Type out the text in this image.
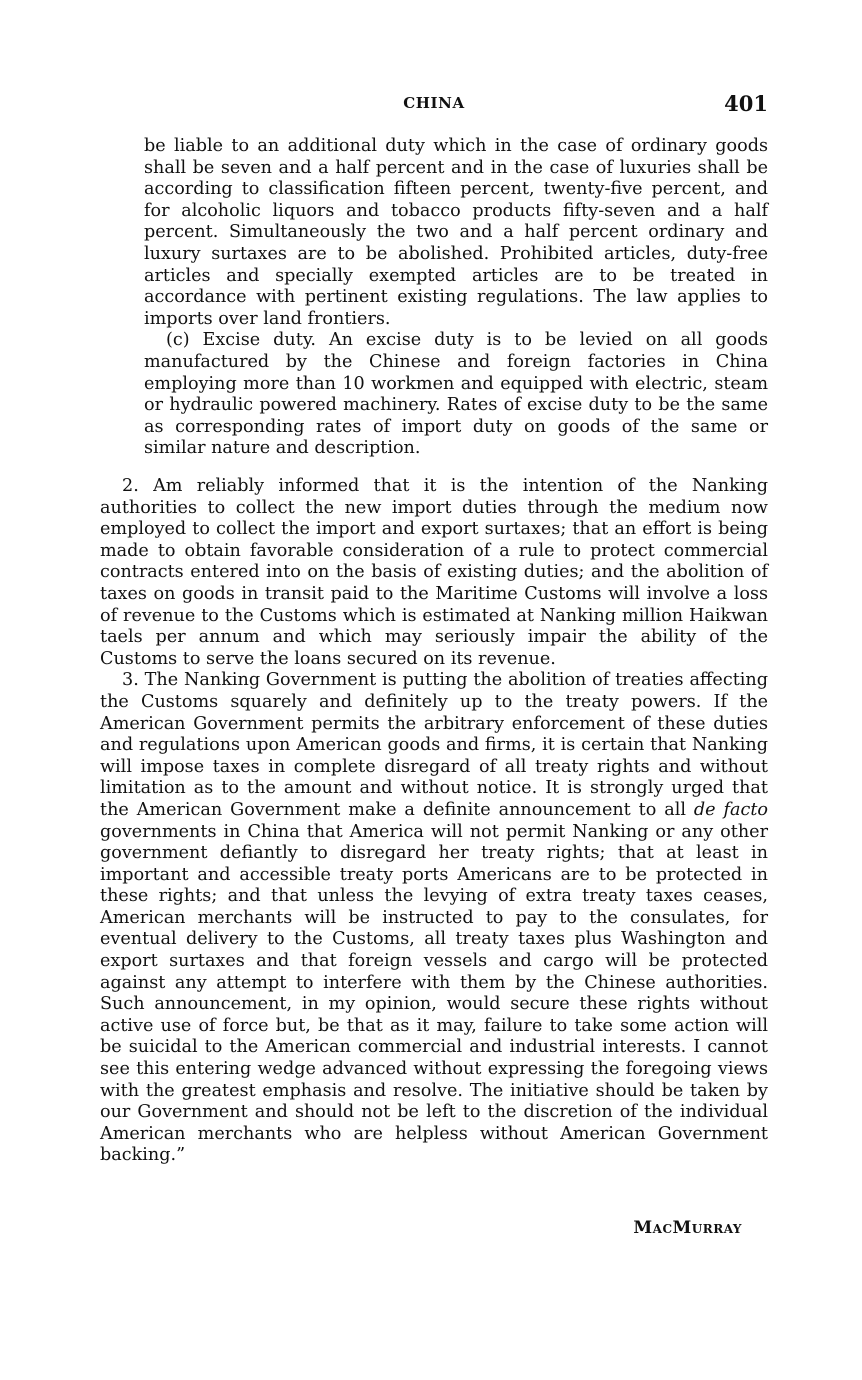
CHINA	401

be liable to an additional duty which in the case of ordinary goods shall be seven and a half percent and in the case of luxuries shall be according to classification fifteen percent, twenty-five percent, and for alcoholic liquors and tobacco products fifty-seven and a half percent. Simultaneously the two and a half percent ordinary and luxury surtaxes are to be abolished. Prohibited articles, duty-free articles and specially exempted articles are to be treated in accordance with pertinent existing regulations. The law applies to imports over land frontiers.

(c) Excise duty. An excise duty is to be levied on all goods manufactured by the Chinese and foreign factories in China employing more than 10 workmen and equipped with electric, steam or hydraulic powered machinery. Rates of excise duty to be the same as corresponding rates of import duty on goods of the same or similar nature and description.

2. Am reliably informed that it is the intention of the Nanking authorities to collect the new import duties through the medium now employed to collect the import and export surtaxes; that an effort is being made to obtain favorable consideration of a rule to protect commercial contracts entered into on the basis of existing duties; and the abolition of taxes on goods in transit paid to the Maritime Customs will involve a loss of revenue to the Customs which is estimated at Nanking million Haikwan taels per annum and which may seriously impair the ability of the Customs to serve the loans secured on its revenue.

3. The Nanking Government is putting the abolition of treaties affecting the Customs squarely and definitely up to the treaty powers. If the American Government permits the arbitrary enforcement of these duties and regulations upon American goods and firms, it is certain that Nanking will impose taxes in complete disregard of all treaty rights and without limitation as to the amount and without notice. It is strongly urged that the American Government make a definite announcement to all de facto governments in China that America will not permit Nanking or any other government defiantly to disregard her treaty rights; that at least in important and accessible treaty ports Americans are to be protected in these rights; and that unless the levying of extra treaty taxes ceases, American merchants will be instructed to pay to the consulates, for eventual delivery to the Customs, all treaty taxes plus Washington and export surtaxes and that foreign vessels and cargo will be protected against any attempt to interfere with them by the Chinese authorities. Such announcement, in my opinion, would secure these rights without active use of force but, be that as it may, failure to take some action will be suicidal to the American commercial and industrial interests. I cannot see this entering wedge advanced without expressing the foregoing views with the greatest emphasis and resolve. The initiative should be taken by our Government and should not be left to the discretion of the individual American merchants who are helpless without American Government backing.”

MacMurray
